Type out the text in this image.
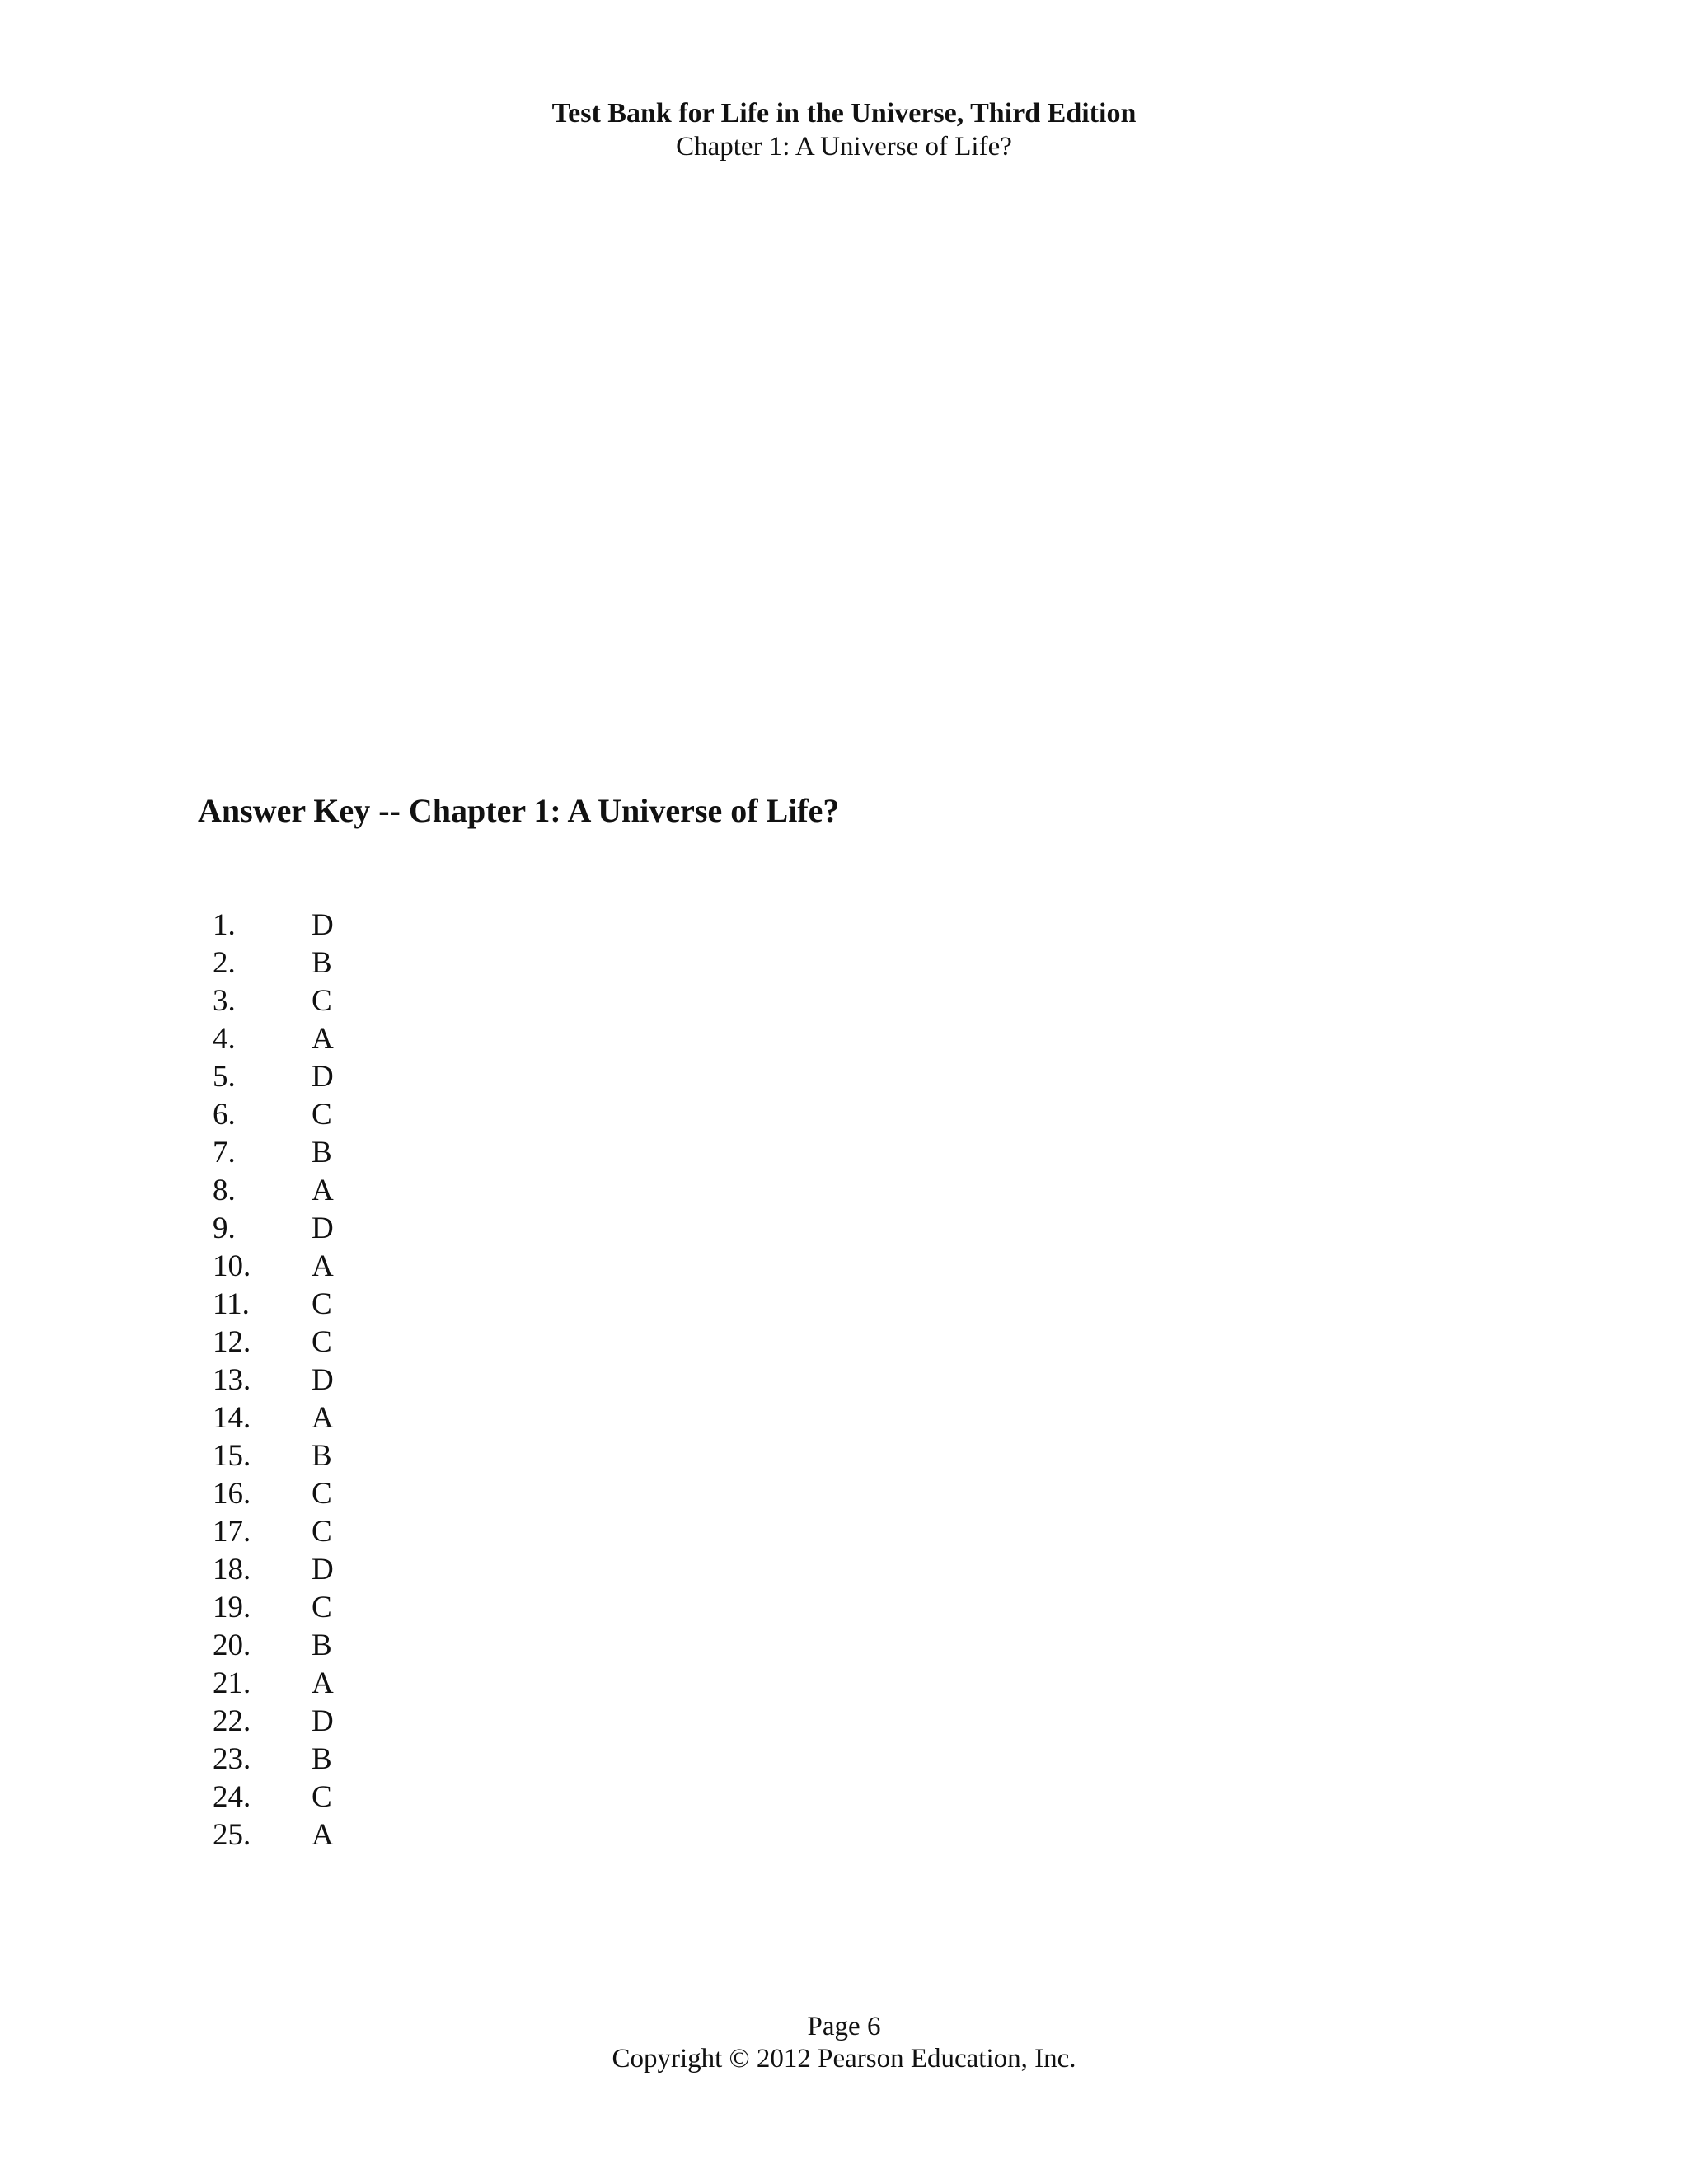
Test Bank for Life in the Universe, Third Edition
Chapter 1: A Universe of Life?
Answer Key -- Chapter 1: A Universe of Life?
1. D
2. B
3. C
4. A
5. D
6. C
7. B
8. A
9. D
10. A
11. C
12. C
13. D
14. A
15. B
16. C
17. C
18. D
19. C
20. B
21. A
22. D
23. B
24. C
25. A
Page 6
Copyright © 2012 Pearson Education, Inc.
